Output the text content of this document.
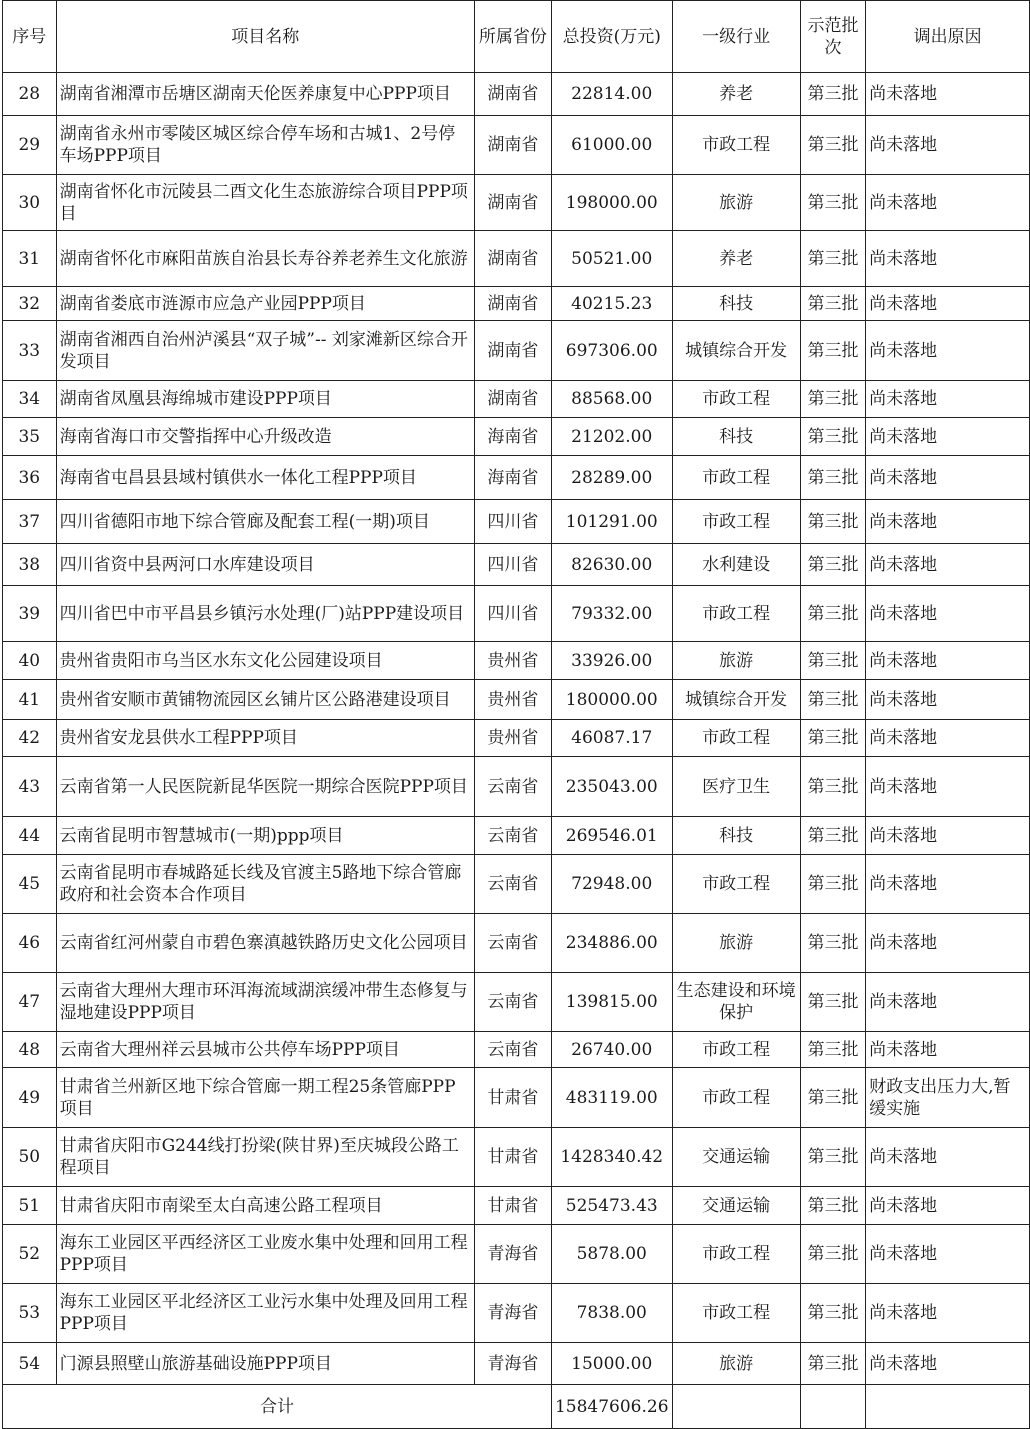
序号	项目名称	所属省份	总投资(万元)	一级行业	示范批次	调出原因
28	湖南省湘潭市岳塘区湖南天伦医养康复中心PPP项目	湖南省	22814.00	养老	第三批	尚未落地
29	湖南省永州市零陵区城区综合停车场和古城1、2号停车场PPP项目	湖南省	61000.00	市政工程	第三批	尚未落地
30	湖南省怀化市沅陵县二酉文化生态旅游综合项目PPP项目	湖南省	198000.00	旅游	第三批	尚未落地
31	湖南省怀化市麻阳苗族自治县长寿谷养老养生文化旅游	湖南省	50521.00	养老	第三批	尚未落地
32	湖南省娄底市涟源市应急产业园PPP项目	湖南省	40215.23	科技	第三批	尚未落地
33	湖南省湘西自治州泸溪县“双子城”-- 刘家滩新区综合开发项目	湖南省	697306.00	城镇综合开发	第三批	尚未落地
34	湖南省凤凰县海绵城市建设PPP项目	湖南省	88568.00	市政工程	第三批	尚未落地
35	海南省海口市交警指挥中心升级改造	海南省	21202.00	科技	第三批	尚未落地
36	海南省屯昌县县域村镇供水一体化工程PPP项目	海南省	28289.00	市政工程	第三批	尚未落地
37	四川省德阳市地下综合管廊及配套工程(一期)项目	四川省	101291.00	市政工程	第三批	尚未落地
38	四川省资中县两河口水库建设项目	四川省	82630.00	水利建设	第三批	尚未落地
39	四川省巴中市平昌县乡镇污水处理(厂)站PPP建设项目	四川省	79332.00	市政工程	第三批	尚未落地
40	贵州省贵阳市乌当区水东文化公园建设项目	贵州省	33926.00	旅游	第三批	尚未落地
41	贵州省安顺市黄铺物流园区幺铺片区公路港建设项目	贵州省	180000.00	城镇综合开发	第三批	尚未落地
42	贵州省安龙县供水工程PPP项目	贵州省	46087.17	市政工程	第三批	尚未落地
43	云南省第一人民医院新昆华医院一期综合医院PPP项目	云南省	235043.00	医疗卫生	第三批	尚未落地
44	云南省昆明市智慧城市(一期)ppp项目	云南省	269546.01	科技	第三批	尚未落地
45	云南省昆明市春城路延长线及官渡主5路地下综合管廊政府和社会资本合作项目	云南省	72948.00	市政工程	第三批	尚未落地
46	云南省红河州蒙自市碧色寨滇越铁路历史文化公园项目	云南省	234886.00	旅游	第三批	尚未落地
47	云南省大理州大理市环洱海流域湖滨缓冲带生态修复与湿地建设PPP项目	云南省	139815.00	生态建设和环境保护	第三批	尚未落地
48	云南省大理州祥云县城市公共停车场PPP项目	云南省	26740.00	市政工程	第三批	尚未落地
49	甘肃省兰州新区地下综合管廊一期工程25条管廊PPP项目	甘肃省	483119.00	市政工程	第三批	财政支出压力大,暂缓实施
50	甘肃省庆阳市G244线打扮梁(陕甘界)至庆城段公路工程项目	甘肃省	1428340.42	交通运输	第三批	尚未落地
51	甘肃省庆阳市南梁至太白高速公路工程项目	甘肃省	525473.43	交通运输	第三批	尚未落地
52	海东工业园区平西经济区工业废水集中处理和回用工程PPP项目	青海省	5878.00	市政工程	第三批	尚未落地
53	海东工业园区平北经济区工业污水集中处理及回用工程PPP项目	青海省	7838.00	市政工程	第三批	尚未落地
54	门源县照壁山旅游基础设施PPP项目	青海省	15000.00	旅游	第三批	尚未落地
合计			15847606.26			
